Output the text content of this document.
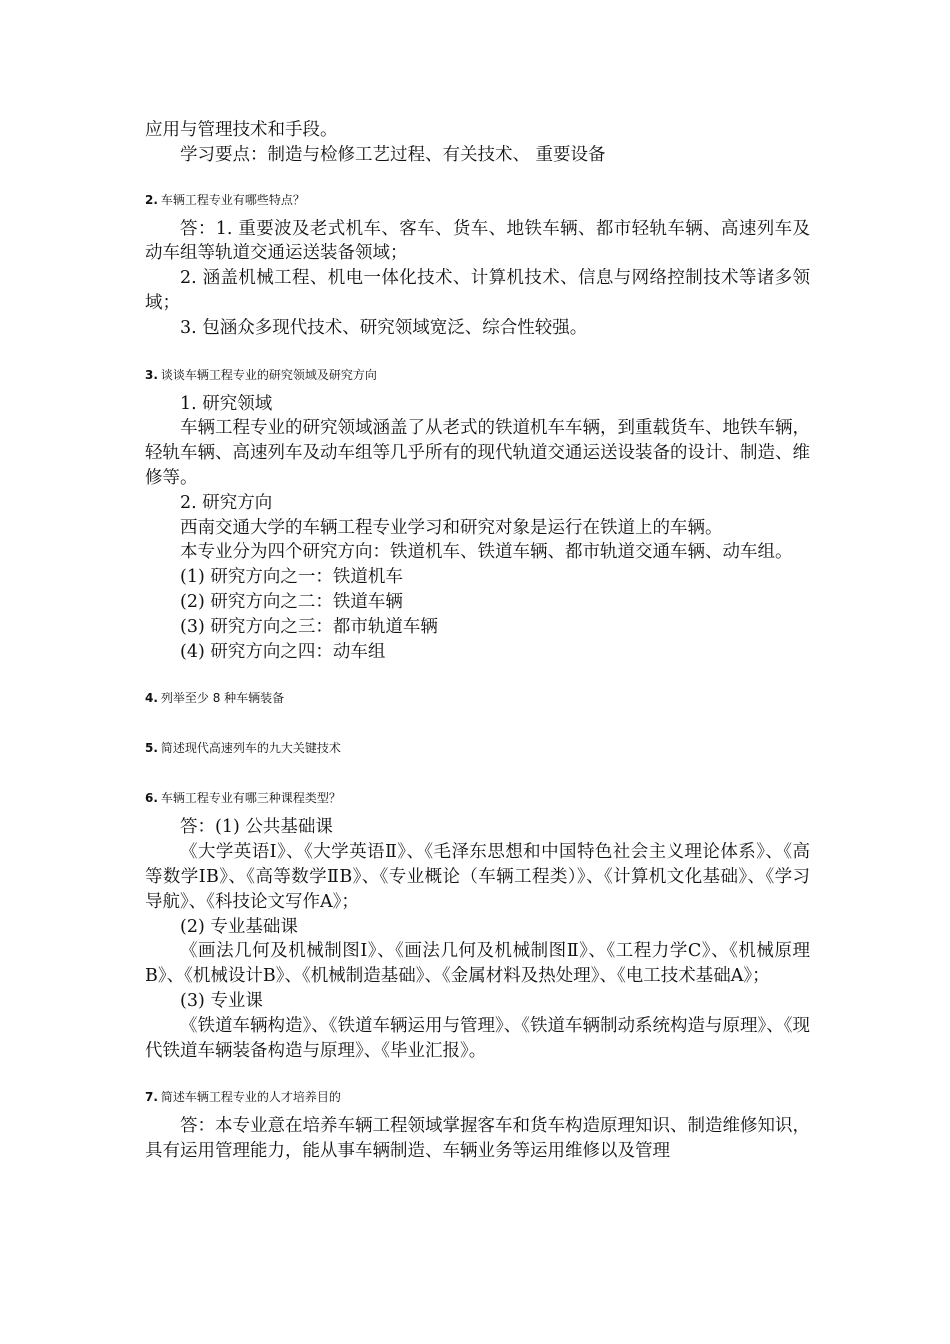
应用与管理技术和手段。

学习要点：制造与检修工艺过程、有关技术、 重要设备

2. 车辆工程专业有哪些特点？

答：1. 重要波及老式机车、客车、货车、地铁车辆、都市轻轨车辆、高速列车及动车组等轨道交通运送装备领域；

2. 涵盖机械工程、机电一体化技术、计算机技术、信息与网络控制技术等诸多领域；

3. 包涵众多现代技术、研究领域宽泛、综合性较强。

3. 谈谈车辆工程专业的研究领域及研究方向

1. 研究领域

车辆工程专业的研究领域涵盖了从老式的铁道机车车辆，到重载货车、地铁车辆，轻轨车辆、高速列车及动车组等几乎所有的现代轨道交通运送设装备的设计、制造、维修等。

2. 研究方向

西南交通大学的车辆工程专业学习和研究对象是运行在铁道上的车辆。

本专业分为四个研究方向：铁道机车、铁道车辆、都市轨道交通车辆、动车组。

(1) 研究方向之一：铁道机车

(2) 研究方向之二：铁道车辆

(3) 研究方向之三：都市轨道车辆

(4) 研究方向之四：动车组

4. 列举至少 8 种车辆装备
5. 简述现代高速列车的九大关键技术
6. 车辆工程专业有哪三种课程类型？

答：(1) 公共基础课

《大学英语Ⅰ》、《大学英语Ⅱ》、《毛泽东思想和中国特色社会主义理论体系》、《高等数学ⅠB》、《高等数学ⅡB》、《专业概论（车辆工程类）》、《计算机文化基础》、《学习导航》、《科技论文写作A》；

(2) 专业基础课

《画法几何及机械制图Ⅰ》、《画法几何及机械制图Ⅱ》、《工程力学C》、《机械原理B》、《机械设计B》、《机械制造基础》、《金属材料及热处理》、《电工技术基础A》；

(3) 专业课

《铁道车辆构造》、《铁道车辆运用与管理》、《铁道车辆制动系统构造与原理》、《现代铁道车辆装备构造与原理》、《毕业汇报》。

7. 简述车辆工程专业的人才培养目的

答：本专业意在培养车辆工程领域掌握客车和货车构造原理知识、制造维修知识，具有运用管理能力，能从事车辆制造、车辆业务等运用维修以及管理
